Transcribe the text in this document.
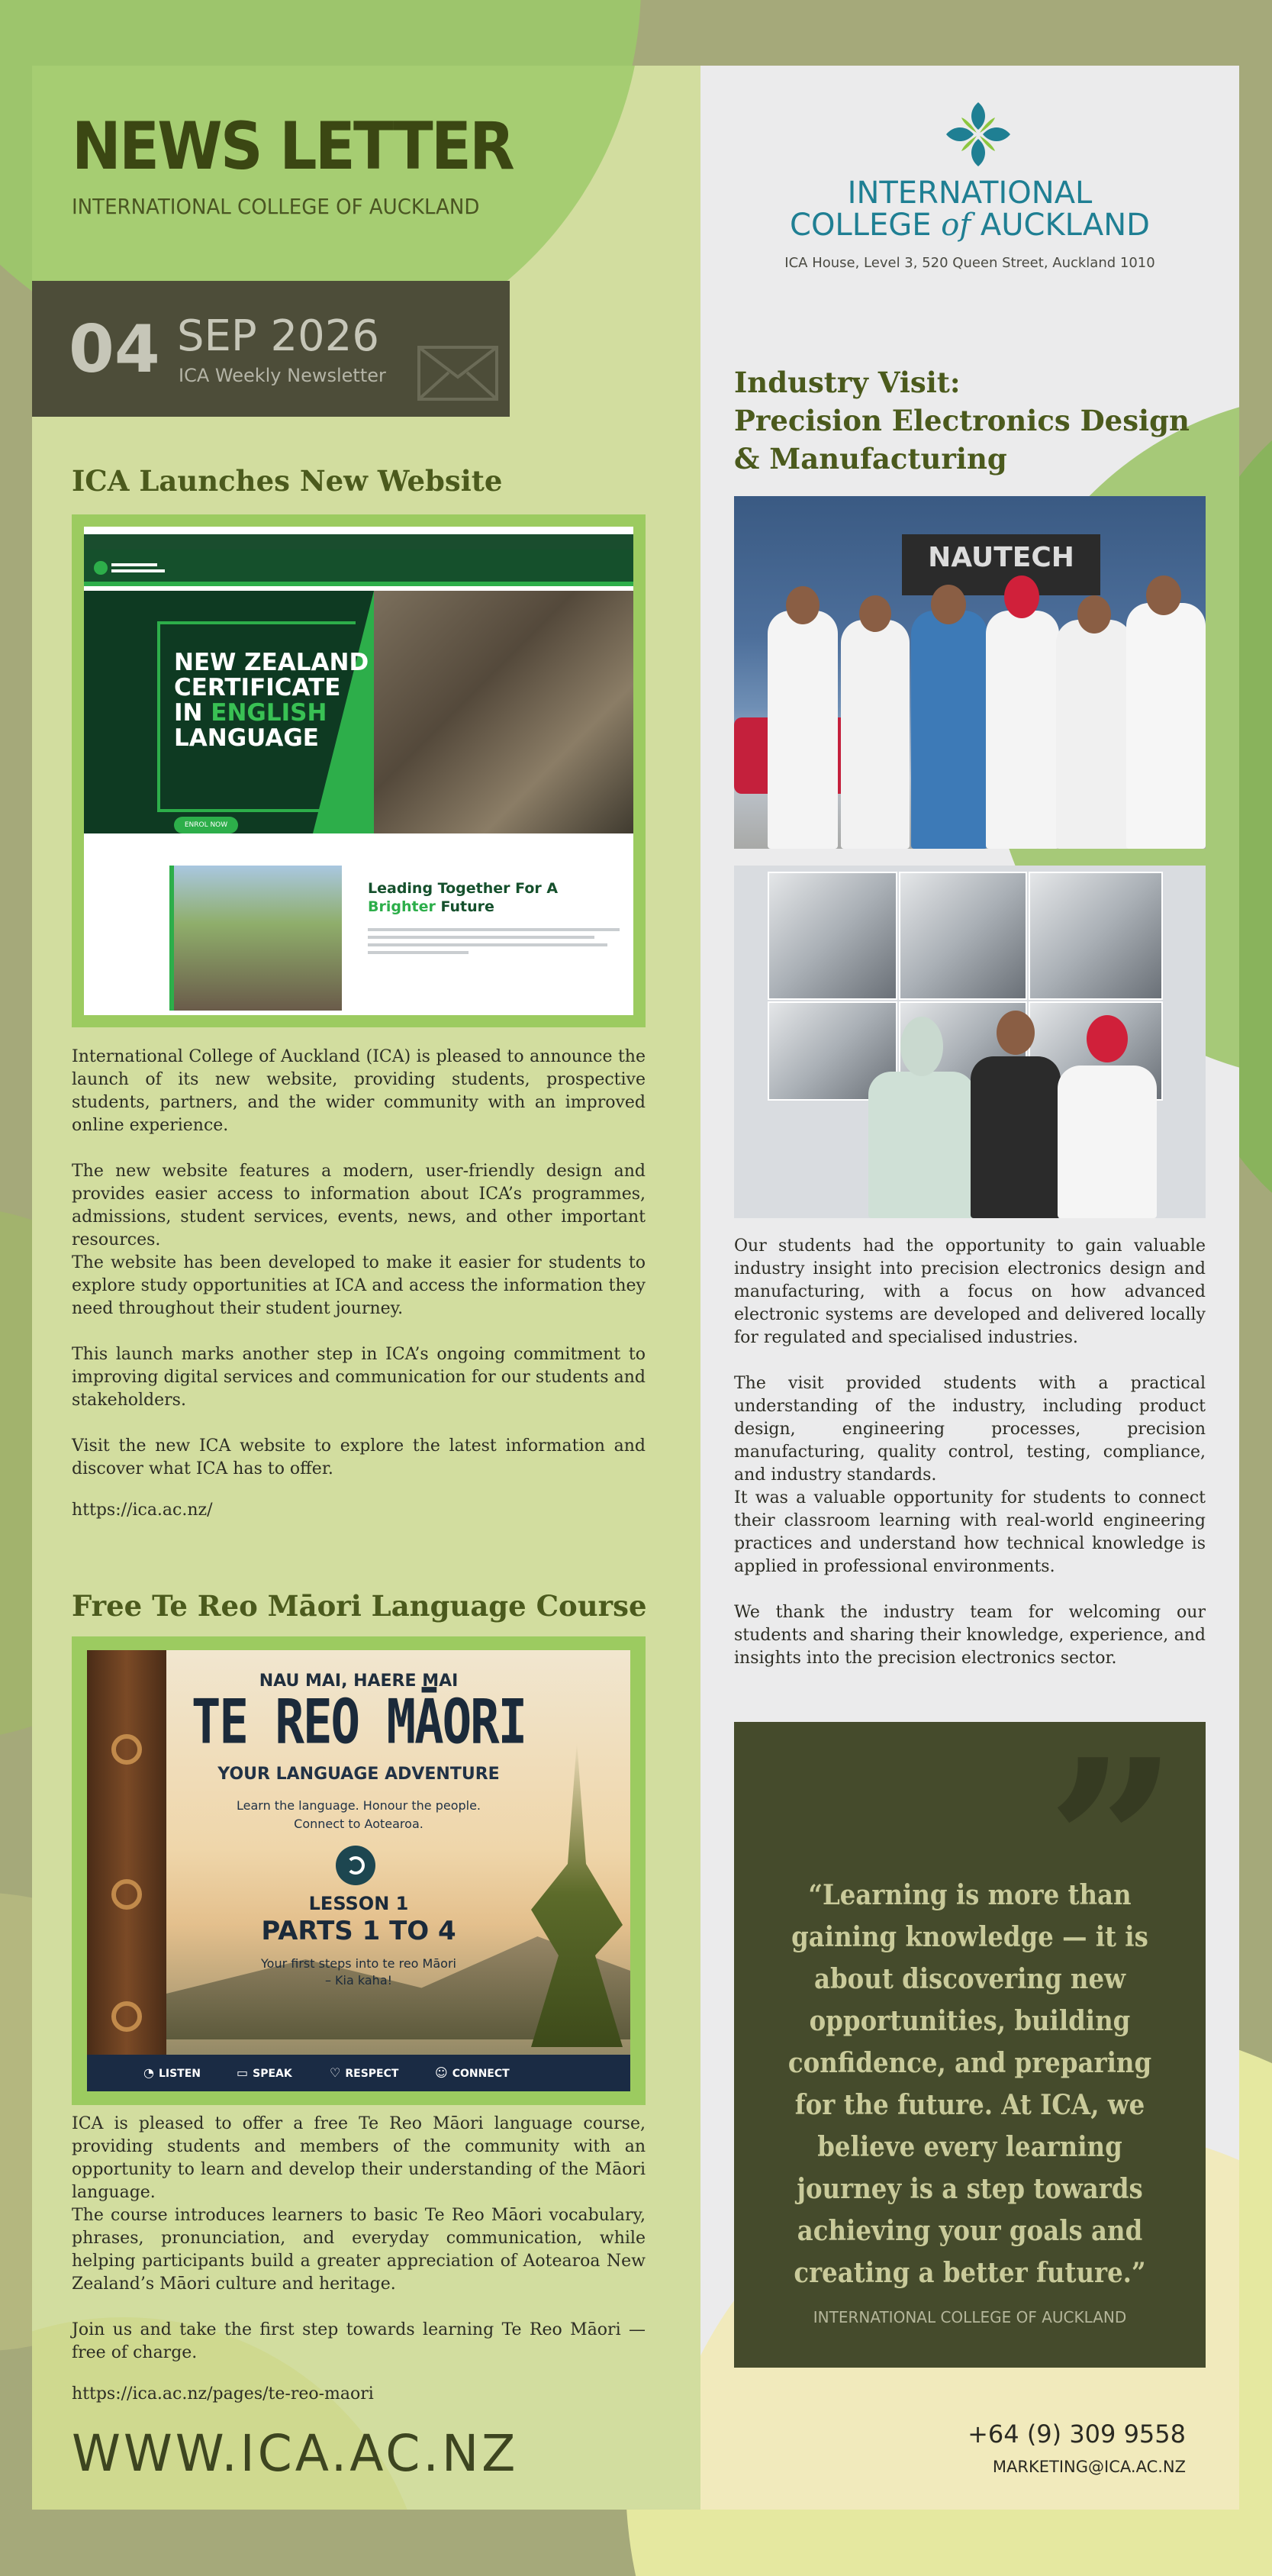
NEWS LETTER
INTERNATIONAL COLLEGE OF AUCKLAND
04 SEP 2026
ICA Weekly Newsletter
ICA Launches New Website
NEW ZEALAND
CERTIFICATE
IN ENGLISH
LANGUAGE
ENROL NOW
Leading Together For A
Brighter Future
International College of Auckland (ICA) is pleased to announce the launch of its new website, providing students, prospective students, partners, and the wider community with an improved online experience.
The new website features a modern, user-friendly design and provides easier access to information about ICA’s programmes, admissions, student services, events, news, and other important resources.
The website has been developed to make it easier for students to explore study opportunities at ICA and access the information they need throughout their student journey.
This launch marks another step in ICA’s ongoing commitment to improving digital services and communication for our students and stakeholders.
Visit the new ICA website to explore the latest information and discover what ICA has to offer.
https://ica.ac.nz/
Free Te Reo Māori Language Course
NAU MAI, HAERE MAI
TE REO MĀORI
YOUR LANGUAGE ADVENTURE
Learn the language. Honour the people.
Connect to Aotearoa.
LESSON 1
PARTS 1 TO 4
Your first steps into te reo Māori
– Kia kaha!
◔ LISTEN	▭ SPEAK	♡ RESPECT	☺ CONNECT
ICA is pleased to offer a free Te Reo Māori language course, providing students and members of the community with an opportunity to learn and develop their understanding of the Māori language.
The course introduces learners to basic Te Reo Māori vocabulary, phrases, pronunciation, and everyday communication, while helping participants build a greater appreciation of Aotearoa New Zealand’s Māori culture and heritage.
Join us and take the first step towards learning Te Reo Māori — free of charge.
https://ica.ac.nz/pages/te-reo-maori
WWW.ICA.AC.NZ
INTERNATIONAL
COLLEGE of AUCKLAND
ICA House, Level 3, 520 Queen Street, Auckland 1010
Industry Visit:
Precision Electronics Design
& Manufacturing
NAUTECH
Our students had the opportunity to gain valuable industry insight into precision electronics design and manufacturing, with a focus on how advanced electronic systems are developed and delivered locally for regulated and specialised industries.
The visit provided students with a practical understanding of the industry, including product design, engineering processes, precision manufacturing, quality control, testing, compliance, and industry standards.
It was a valuable opportunity for students to connect their classroom learning with real-world engineering practices and understand how technical knowledge is applied in professional environments.
We thank the industry team for welcoming our students and sharing their knowledge, experience, and insights into the precision electronics sector.
”
“Learning is more than gaining knowledge — it is about discovering new opportunities, building confidence, and preparing for the future. At ICA, we believe every learning journey is a step towards achieving your goals and creating a better future.”
INTERNATIONAL COLLEGE OF AUCKLAND
+64 (9) 309 9558
MARKETING@ICA.AC.NZ
